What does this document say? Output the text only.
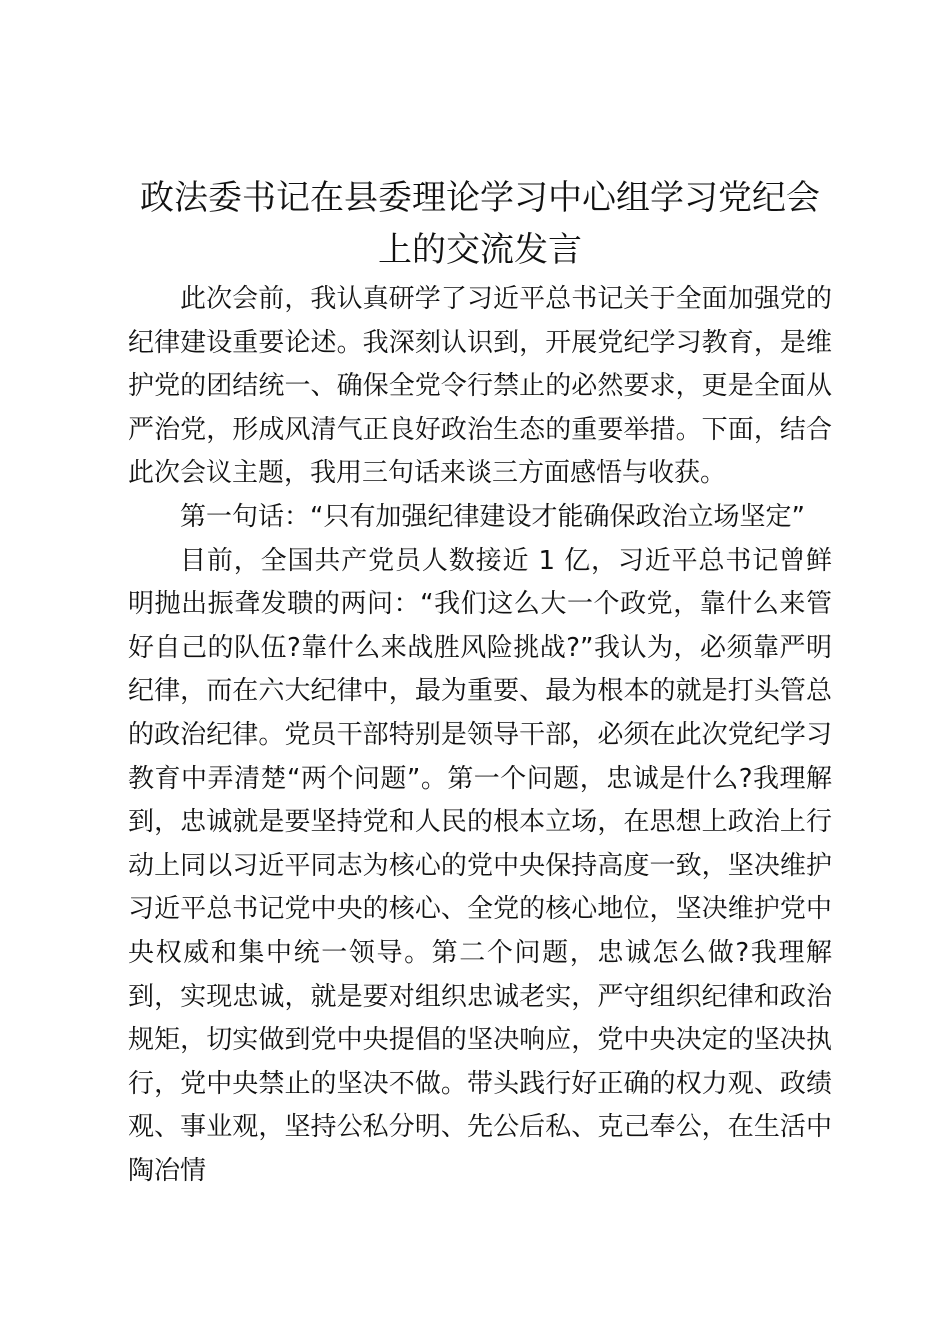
政法委书记在县委理论学习中心组学习党纪会上的交流发言

此次会前，我认真研学了习近平总书记关于全面加强党的纪律建设重要论述。我深刻认识到，开展党纪学习教育，是维护党的团结统一、确保全党令行禁止的必然要求，更是全面从严治党，形成风清气正良好政治生态的重要举措。下面，结合此次会议主题，我用三句话来谈三方面感悟与收获。

第一句话：“只有加强纪律建设才能确保政治立场坚定”

目前，全国共产党员人数接近 1 亿，习近平总书记曾鲜明抛出振聋发聩的两问：“我们这么大一个政党，靠什么来管好自己的队伍?靠什么来战胜风险挑战?”我认为，必须靠严明纪律，而在六大纪律中，最为重要、最为根本的就是打头管总的政治纪律。党员干部特别是领导干部，必须在此次党纪学习教育中弄清楚“两个问题”。第一个问题，忠诚是什么?我理解到，忠诚就是要坚持党和人民的根本立场，在思想上政治上行动上同以习近平同志为核心的党中央保持高度一致，坚决维护习近平总书记党中央的核心、全党的核心地位，坚决维护党中央权威和集中统一领导。第二个问题，忠诚怎么做?我理解到，实现忠诚，就是要对组织忠诚老实，严守组织纪律和政治规矩，切实做到党中央提倡的坚决响应，党中央决定的坚决执行，党中央禁止的坚决不做。带头践行好正确的权力观、政绩观、事业观，坚持公私分明、先公后私、克己奉公，在生活中陶冶情
